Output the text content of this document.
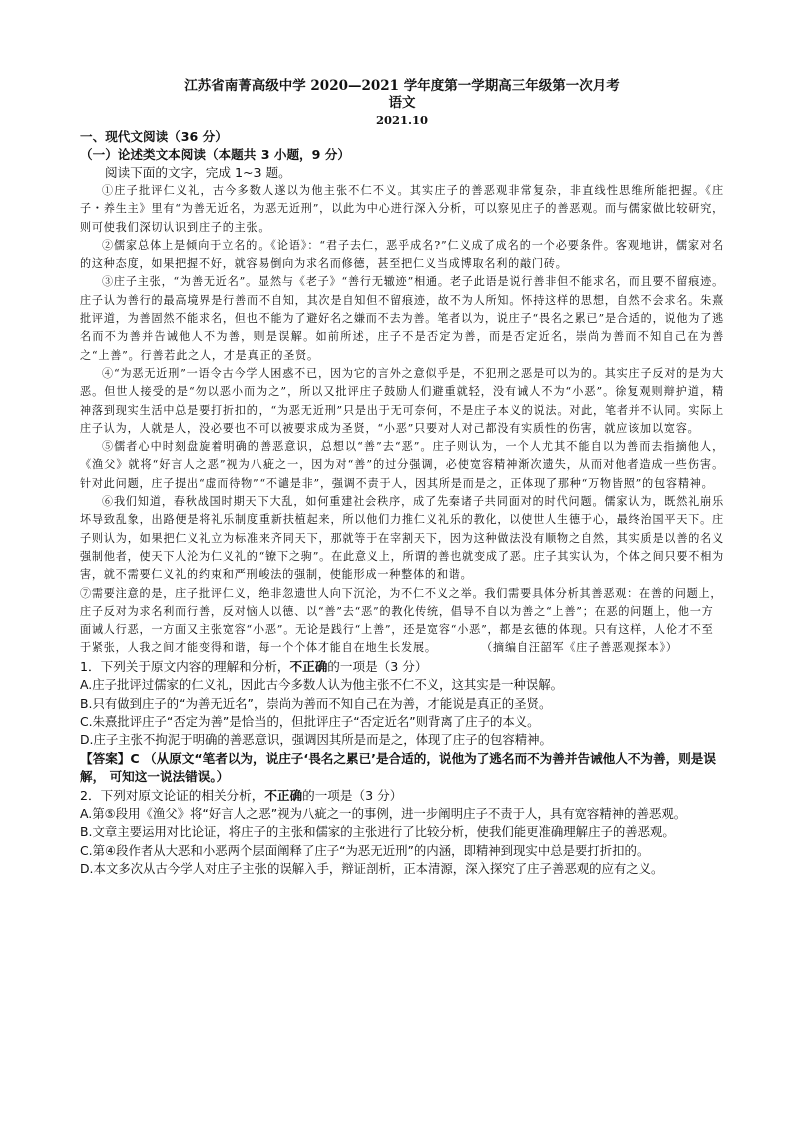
江苏省南菁高级中学 2020—2021 学年度第一学期高三年级第一次月考
语文
2021.10

一、现代文阅读（36 分）

（一）论述类文本阅读（本题共 3 小题，9 分）

阅读下面的文字，完成 1~3 题。

①庄子批评仁义礼，古今多数人遂以为他主张不仁不义。其实庄子的善恶观非常复杂，非直线性思维所能把握。《庄子・养生主》里有“为善无近名，为恶无近刑”，以此为中心进行深入分析，可以察见庄子的善恶观。而与儒家做比较研究，则可使我们深切认识到庄子的主张。

②儒家总体上是倾向于立名的。《论语》：“君子去仁，恶乎成名?”仁义成了成名的一个必要条件。客观地讲，儒家对名的这种态度，如果把握不好，就容易倒向为求名而修德，甚至把仁义当成博取名利的敲门砖。

③庄子主张，“为善无近名”。显然与《老子》“善行无辙迹”相通。老子此语是说行善非但不能求名，而且要不留痕迹。庄子认为善行的最高境界是行善而不自知，其次是自知但不留痕迹，故不为人所知。怀持这样的思想，自然不会求名。朱熹批评道，为善固然不能求名，但也不能为了避好名之嫌而不去为善。笔者以为，说庄子“畏名之累已”是合适的，说他为了逃名而不为善并告诫他人不为善，则是误解。如前所述，庄子不是否定为善，而是否定近名，崇尚为善而不知自己在为善之“上善”。行善若此之人，才是真正的圣贤。

④“为恶无近刑”一语令古今学人困惑不已，因为它的言外之意似乎是，不犯刑之恶是可以为的。其实庄子反对的是为大恶。但世人接受的是“勿以恶小而为之”，所以又批评庄子鼓励人们避重就轻，没有诫人不为“小恶”。徐复观则辩护道，精神落到现实生活中总是要打折扣的，“为恶无近刑”只是出于无可奈何，不是庄子本义的说法。对此，笔者并不认同。实际上庄子认为，人就是人，没必要也不可以被要求成为圣贤，“小恶”只要对人对己都没有实质性的伤害，就应该加以宽容。

⑤儒者心中时刻盘旋着明确的善恶意识，总想以“善”去“恶”。庄子则认为，一个人尤其不能自以为善而去指摘他人，《渔父》就将“好言人之恶”视为八疵之一，因为对“善”的过分强调，必使宽容精神渐次遗失，从而对他者造成一些伤害。针对此问题，庄子提出“虚而待物”“不谴是非”，强调不责于人，因其所是而是之，正体现了那种“万物皆照”的包容精神。

⑥我们知道，春秋战国时期天下大乱，如何重建社会秩序，成了先秦诸子共同面对的时代问题。儒家认为，既然礼崩乐坏导致乱象，出路便是将礼乐制度重新扶植起来，所以他们力推仁义礼乐的教化，以使世人生德于心，最终治国平天下。庄子则认为，如果把仁义礼立为标准来齐同天下，那就等于在宰割天下，因为这种做法没有顺物之自然，其实质是以善的名义强制他者，使天下人沦为仁义礼的“镣下之驹”。在此意义上，所谓的善也就变成了恶。庄子其实认为，个体之间只要不相为害，就不需要仁义礼的约束和严刑峻法的强制，使能形成一种整体的和谐。

⑦需要注意的是，庄子批评仁义，绝非忽遗世人向下沉沦，为不仁不义之举。我们需要具体分析其善恶观：在善的问题上，庄子反对为求名利而行善，反对恼人以德、以“善”去“恶”的教化传统，倡导不自以为善之“上善”；在恶的问题上，他一方面诫人行恶，一方面又主张宽容“小恶”。无论是践行“上善”，还是宽容“小恶”，都是玄德的体现。只有这样，人伦才不至于紧张，人我之间才能变得和谐，每一个个体才能自在地生长发展。	（摘编自汪韶军《庄子善恶观探本》）

1．下列关于原文内容的理解和分析，不正确的一项是（3 分）

A.庄子批评过儒家的仁义礼，因此古今多数人认为他主张不仁不义，这其实是一种误解。

B.只有做到庄子的“为善无近名”，崇尚为善而不知自己在为善，才能说是真正的圣贤。

C.朱熹批评庄子“否定为善”是恰当的，但批评庄子“否定近名”则背离了庄子的本义。

D.庄子主张不拘泥于明确的善恶意识，强调因其所是而是之，体现了庄子的包容精神。

【答案】C （从原文“笔者以为，说庄子‘畏名之累已’是合适的，说他为了逃名而不为善并告诫他人不为善，则是误解， 可知这一说法错误。）

2．下列对原文论证的相关分析，不正确的一项是（3 分）

A.第⑤段用《渔父》将“好言人之恶”视为八疵之一的事例，进一步阐明庄子不责于人，具有宽容精神的善恶观。

B.文章主要运用对比论证，将庄子的主张和儒家的主张进行了比较分析，使我们能更准确理解庄子的善恶观。

C.第④段作者从大恶和小恶两个层面阐释了庄子“为恶无近刑”的内涵，即精神到现实中总是要打折扣的。

D.本文多次从古今学人对庄子主张的误解入手，辩证剖析，正本清源，深入探究了庄子善恶观的应有之义。
